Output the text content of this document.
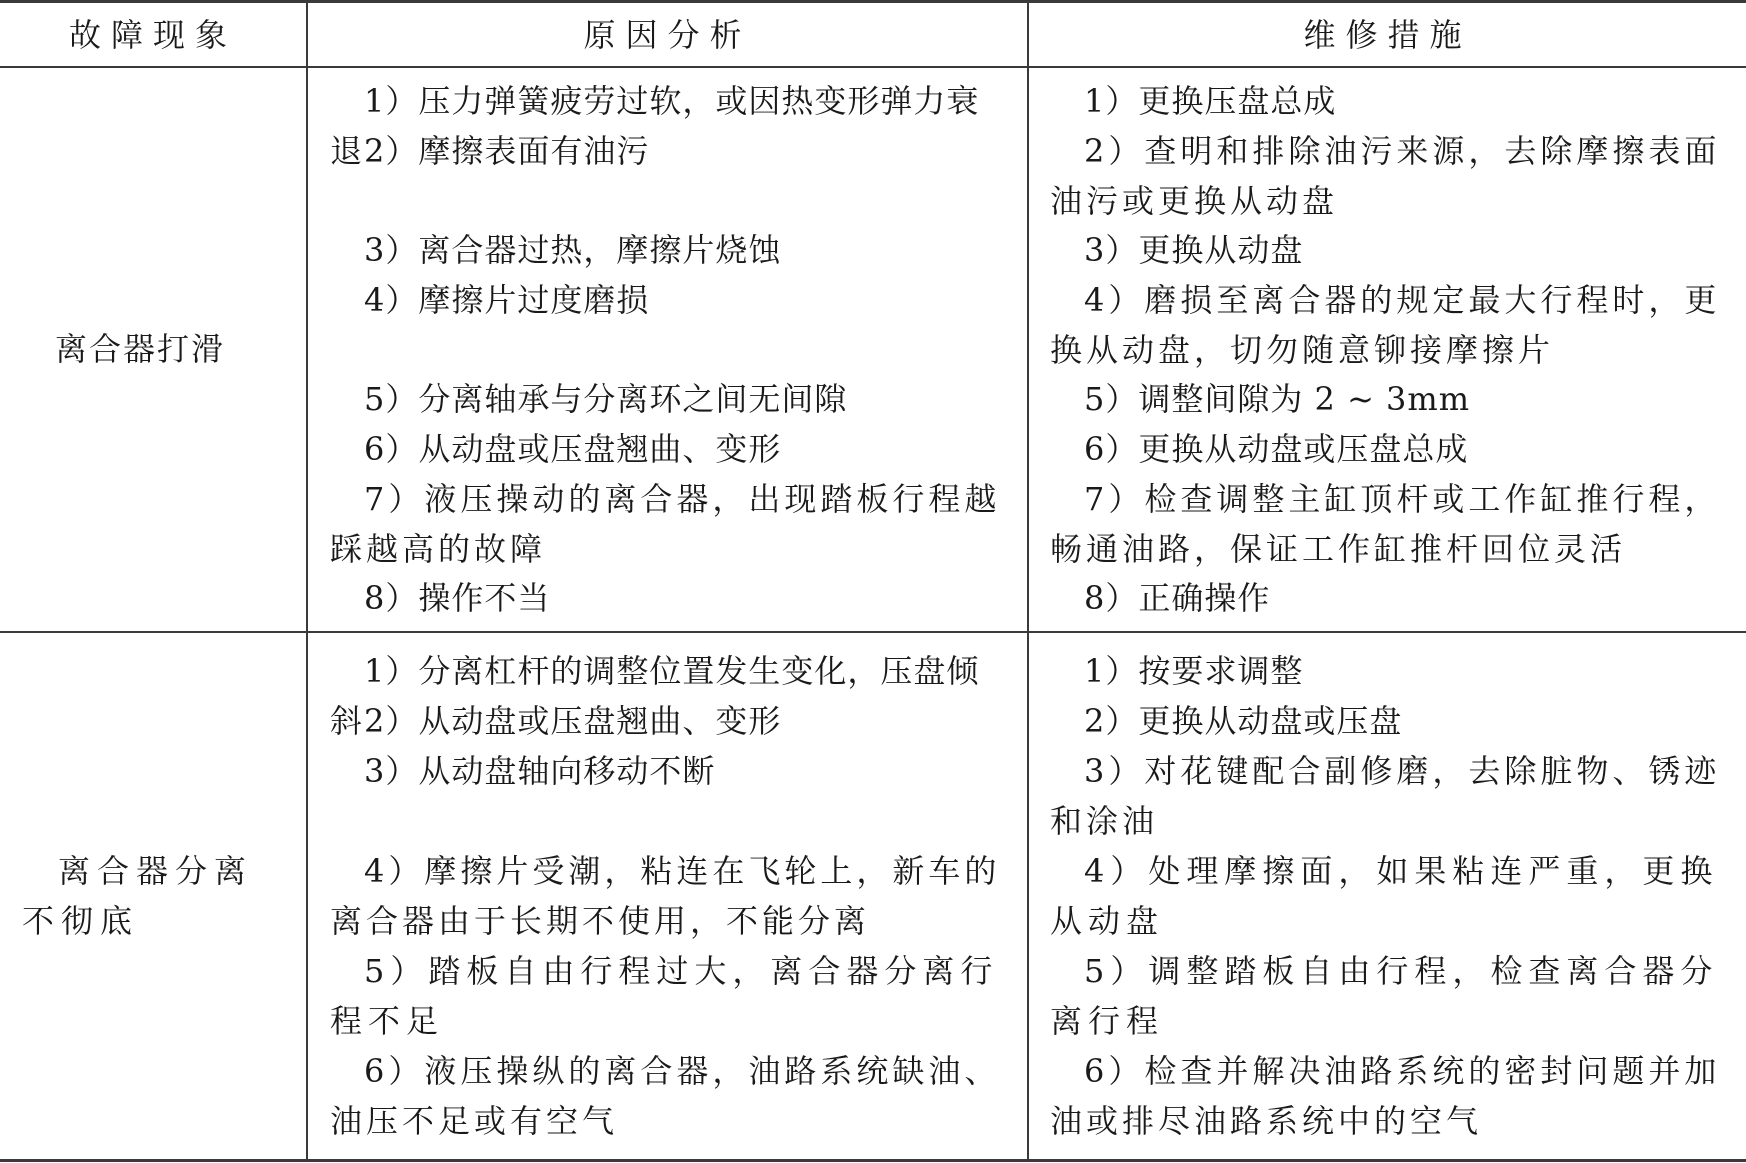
故障现象	原因分析	维修措施
离合器打滑
1）压力弹簧疲劳过软，或因热变形弹力衰退 2）摩擦表面有油污
3）离合器过热，摩擦片烧蚀
4）摩擦片过度磨损
5）分离轴承与分离环之间无间隙
6）从动盘或压盘翘曲、变形
7）液压操动的离合器，出现踏板行程越踩越高的故障
8）操作不当
1）更换压盘总成
2）查明和排除油污来源，去除摩擦表面油污或更换从动盘
3）更换从动盘
4）磨损至离合器的规定最大行程时，更换从动盘，切勿随意铆接摩擦片
5）调整间隙为 2 ~ 3mm
6）更换从动盘或压盘总成
7）检查调整主缸顶杆或工作缸推行程，畅通油路，保证工作缸推杆回位灵活
8）正确操作
离合器分离不彻底
1）分离杠杆的调整位置发生变化，压盘倾斜 2）从动盘或压盘翘曲、变形
3）从动盘轴向移动不断
4）摩擦片受潮，粘连在飞轮上，新车的离合器由于长期不使用，不能分离
5）踏板自由行程过大，离合器分离行程不足
6）液压操纵的离合器，油路系统缺油、油压不足或有空气
1）按要求调整
2）更换从动盘或压盘
3）对花键配合副修磨，去除脏物、锈迹和涂油
4）处理摩擦面，如果粘连严重，更换从动盘
5）调整踏板自由行程，检查离合器分离行程
6）检查并解决油路系统的密封问题并加油或排尽油路系统中的空气
